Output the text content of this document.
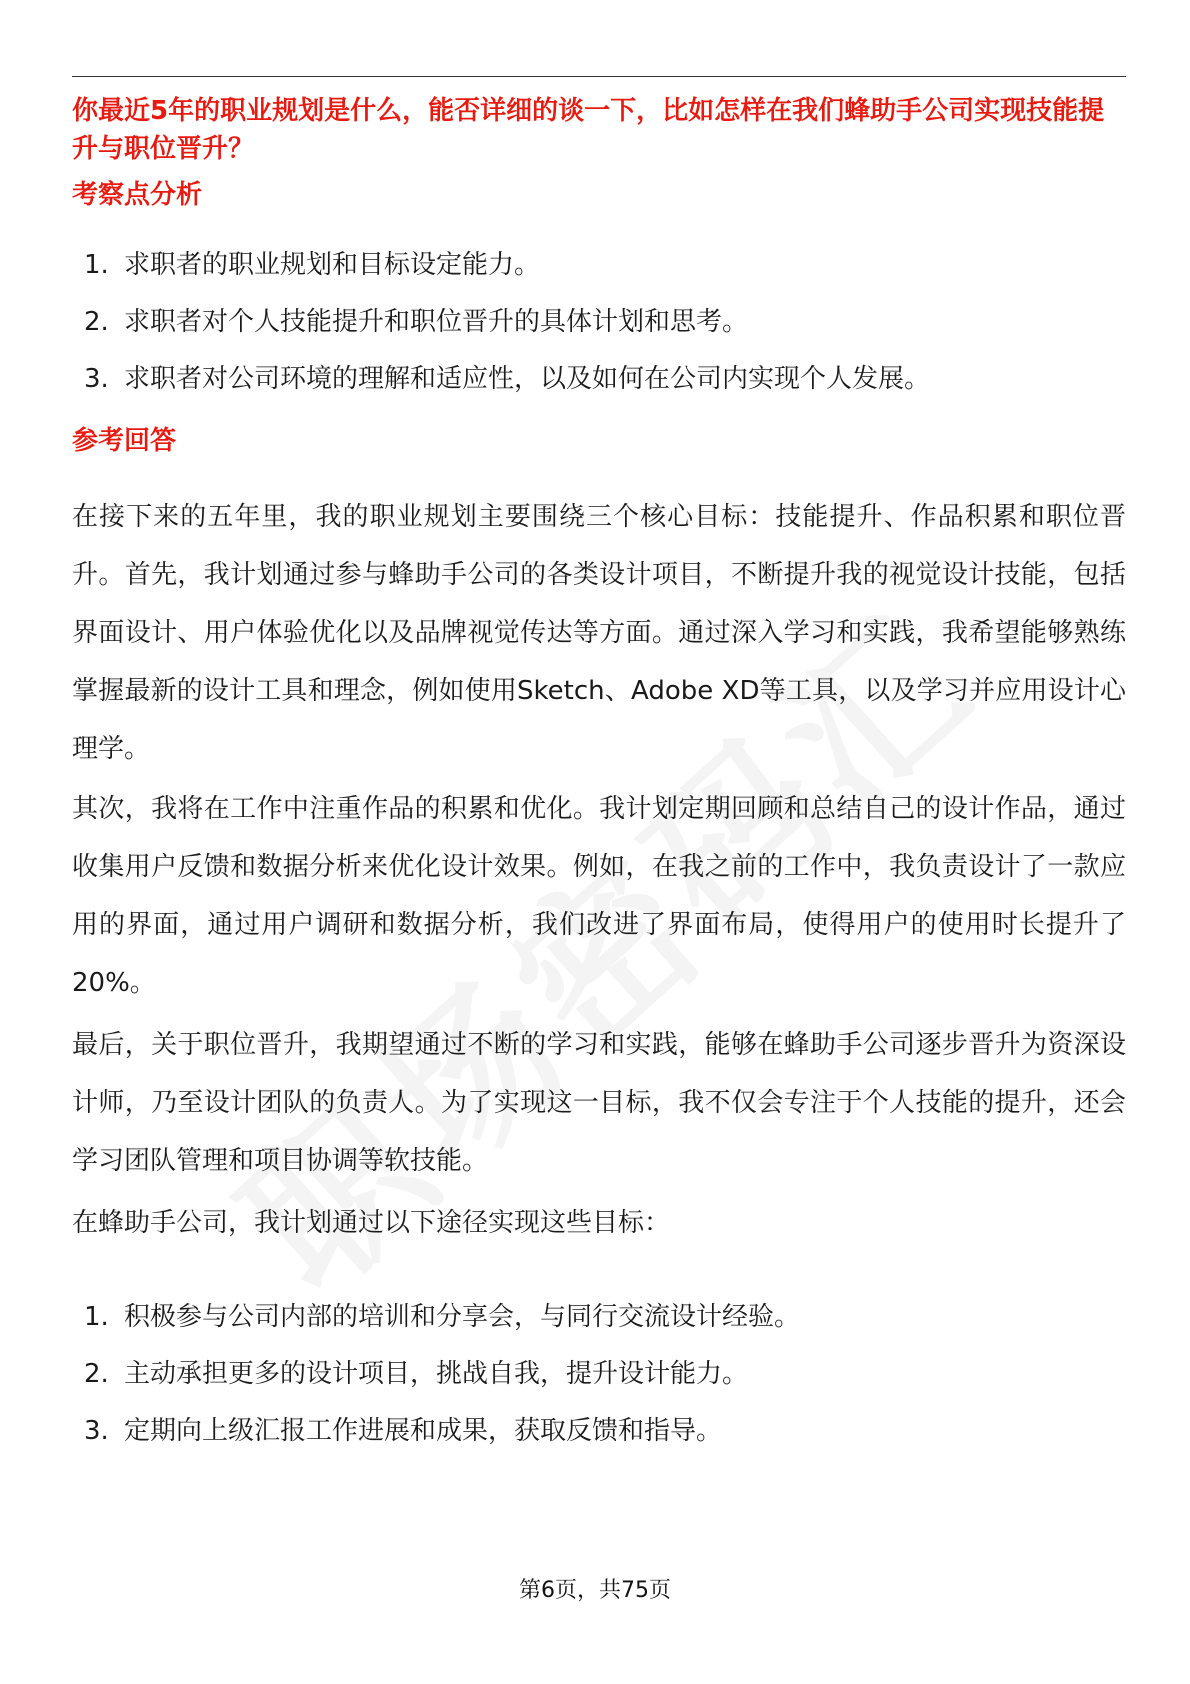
你最近5年的职业规划是什么，能否详细的谈一下，比如怎样在我们蜂助手公司实现技能提升与职位晋升？
考察点分析
1. 求职者的职业规划和目标设定能力。
2. 求职者对个人技能提升和职位晋升的具体计划和思考。
3. 求职者对公司环境的理解和适应性，以及如何在公司内实现个人发展。
参考回答

在接下来的五年里，我的职业规划主要围绕三个核心目标：技能提升、作品积累和职位晋升。首先，我计划通过参与蜂助手公司的各类设计项目，不断提升我的视觉设计技能，包括界面设计、用户体验优化以及品牌视觉传达等方面。通过深入学习和实践，我希望能够熟练掌握最新的设计工具和理念，例如使用Sketch、Adobe XD等工具，以及学习并应用设计心理学。

其次，我将在工作中注重作品的积累和优化。我计划定期回顾和总结自己的设计作品，通过收集用户反馈和数据分析来优化设计效果。例如，在我之前的工作中，我负责设计了一款应用的界面，通过用户调研和数据分析，我们改进了界面布局，使得用户的使用时长提升了20%。

最后，关于职位晋升，我期望通过不断的学习和实践，能够在蜂助手公司逐步晋升为资深设计师，乃至设计团队的负责人。为了实现这一目标，我不仅会专注于个人技能的提升，还会学习团队管理和项目协调等软技能。

在蜂助手公司，我计划通过以下途径实现这些目标：

1. 积极参与公司内部的培训和分享会，与同行交流设计经验。
2. 主动承担更多的设计项目，挑战自我，提升设计能力。
3. 定期向上级汇报工作进展和成果，获取反馈和指导。
第6页，共75页
